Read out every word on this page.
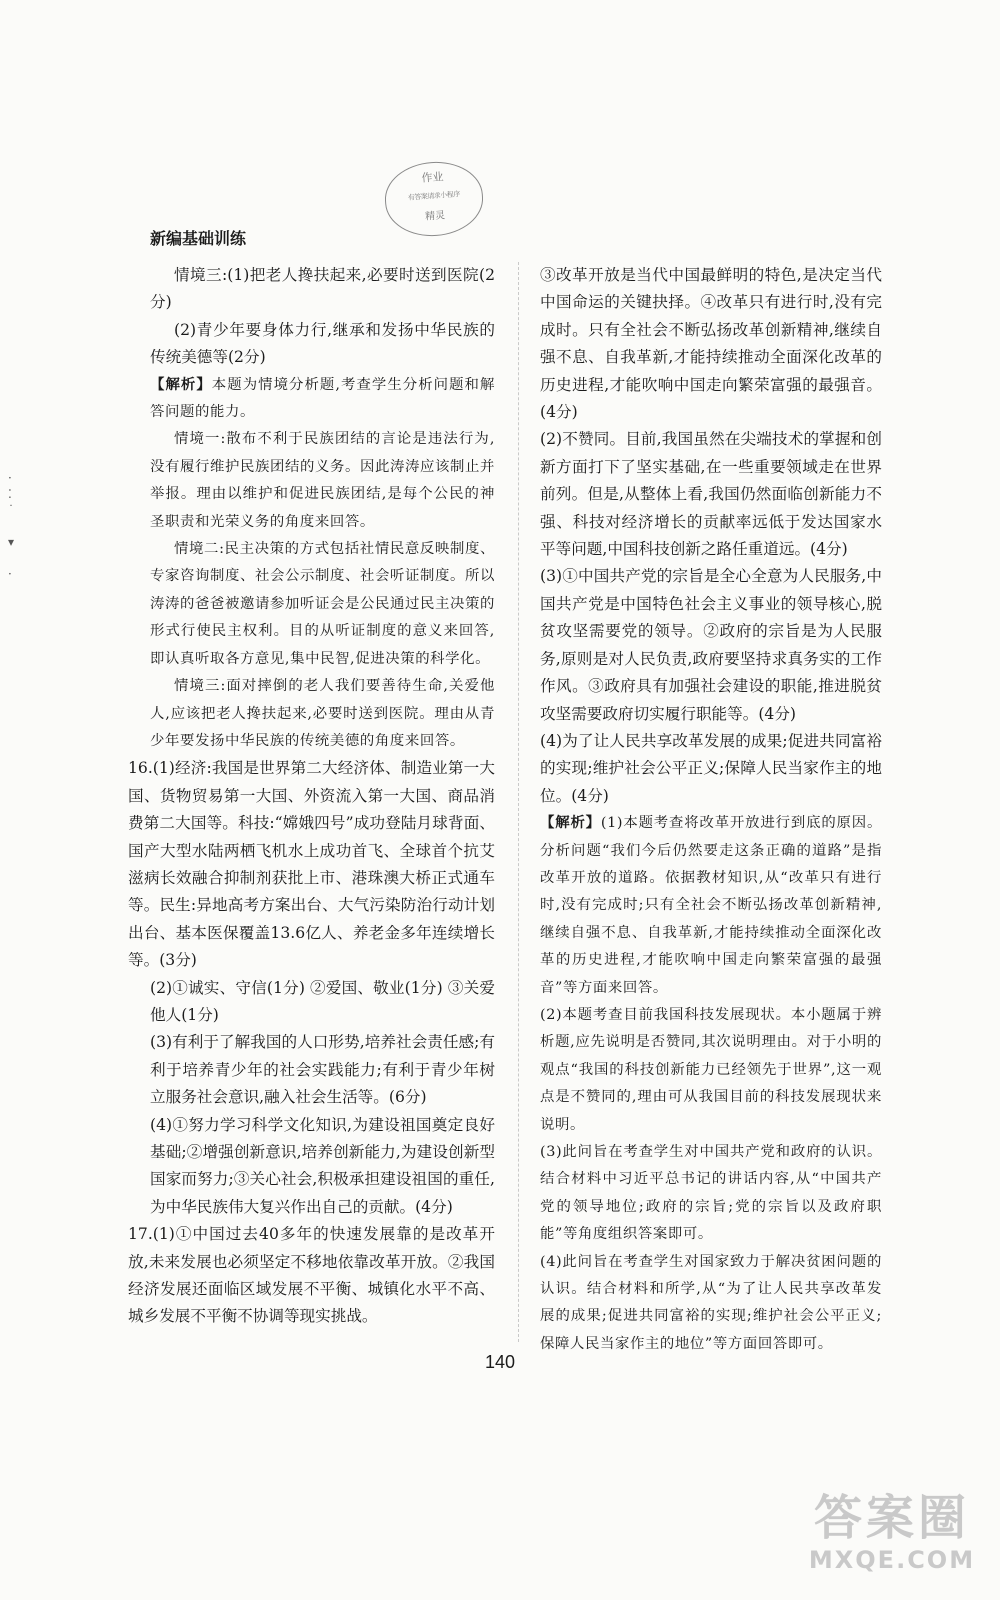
·
⁚
˙

▾

·
作业
有答案请求小程序
精灵
新编基础训练

情境三:(1)把老人搀扶起来,必要时送到医院(2分)

(2)青少年要身体力行,继承和发扬中华民族的传统美德等(2分)

【解析】本题为情境分析题,考查学生分析问题和解答问题的能力。

情境一:散布不利于民族团结的言论是违法行为,没有履行维护民族团结的义务。因此涛涛应该制止并举报。理由以维护和促进民族团结,是每个公民的神圣职责和光荣义务的角度来回答。

情境二:民主决策的方式包括社情民意反映制度、专家咨询制度、社会公示制度、社会听证制度。所以涛涛的爸爸被邀请参加听证会是公民通过民主决策的形式行使民主权利。目的从听证制度的意义来回答,即认真听取各方意见,集中民智,促进决策的科学化。

情境三:面对摔倒的老人我们要善待生命,关爱他人,应该把老人搀扶起来,必要时送到医院。理由从青少年要发扬中华民族的传统美德的角度来回答。

16.(1)经济:我国是世界第二大经济体、制造业第一大国、货物贸易第一大国、外资流入第一大国、商品消费第二大国等。科技:“嫦娥四号”成功登陆月球背面、国产大型水陆两栖飞机水上成功首飞、全球首个抗艾滋病长效融合抑制剂获批上市、港珠澳大桥正式通车等。民生:异地高考方案出台、大气污染防治行动计划出台、基本医保覆盖13.6亿人、养老金多年连续增长等。(3分)

(2)①诚实、守信(1分) ②爱国、敬业(1分) ③关爱他人(1分)

(3)有利于了解我国的人口形势,培养社会责任感;有利于培养青少年的社会实践能力;有利于青少年树立服务社会意识,融入社会生活等。(6分)

(4)①努力学习科学文化知识,为建设祖国奠定良好基础;②增强创新意识,培养创新能力,为建设创新型国家而努力;③关心社会,积极承担建设祖国的重任,为中华民族伟大复兴作出自己的贡献。(4分)

17.(1)①中国过去40多年的快速发展靠的是改革开放,未来发展也必须坚定不移地依靠改革开放。②我国经济发展还面临区域发展不平衡、城镇化水平不高、城乡发展不平衡不协调等现实挑战。

③改革开放是当代中国最鲜明的特色,是决定当代中国命运的关键抉择。④改革只有进行时,没有完成时。只有全社会不断弘扬改革创新精神,继续自强不息、自我革新,才能持续推动全面深化改革的历史进程,才能吹响中国走向繁荣富强的最强音。(4分)

(2)不赞同。目前,我国虽然在尖端技术的掌握和创新方面打下了坚实基础,在一些重要领域走在世界前列。但是,从整体上看,我国仍然面临创新能力不强、科技对经济增长的贡献率远低于发达国家水平等问题,中国科技创新之路任重道远。(4分)

(3)①中国共产党的宗旨是全心全意为人民服务,中国共产党是中国特色社会主义事业的领导核心,脱贫攻坚需要党的领导。②政府的宗旨是为人民服务,原则是对人民负责,政府要坚持求真务实的工作作风。③政府具有加强社会建设的职能,推进脱贫攻坚需要政府切实履行职能等。(4分)

(4)为了让人民共享改革发展的成果;促进共同富裕的实现;维护社会公平正义;保障人民当家作主的地位。(4分)

【解析】(1)本题考查将改革开放进行到底的原因。分析问题“我们今后仍然要走这条正确的道路”是指改革开放的道路。依据教材知识,从“改革只有进行时,没有完成时;只有全社会不断弘扬改革创新精神,继续自强不息、自我革新,才能持续推动全面深化改革的历史进程,才能吹响中国走向繁荣富强的最强音”等方面来回答。

(2)本题考查目前我国科技发展现状。本小题属于辨析题,应先说明是否赞同,其次说明理由。对于小明的观点“我国的科技创新能力已经领先于世界”,这一观点是不赞同的,理由可从我国目前的科技发展现状来说明。

(3)此问旨在考查学生对中国共产党和政府的认识。结合材料中习近平总书记的讲话内容,从“中国共产党的领导地位;政府的宗旨;党的宗旨以及政府职能”等角度组织答案即可。

(4)此问旨在考查学生对国家致力于解决贫困问题的认识。结合材料和所学,从“为了让人民共享改革发展的成果;促进共同富裕的实现;维护社会公平正义;保障人民当家作主的地位”等方面回答即可。

140
答案圈
MXQE.COM
